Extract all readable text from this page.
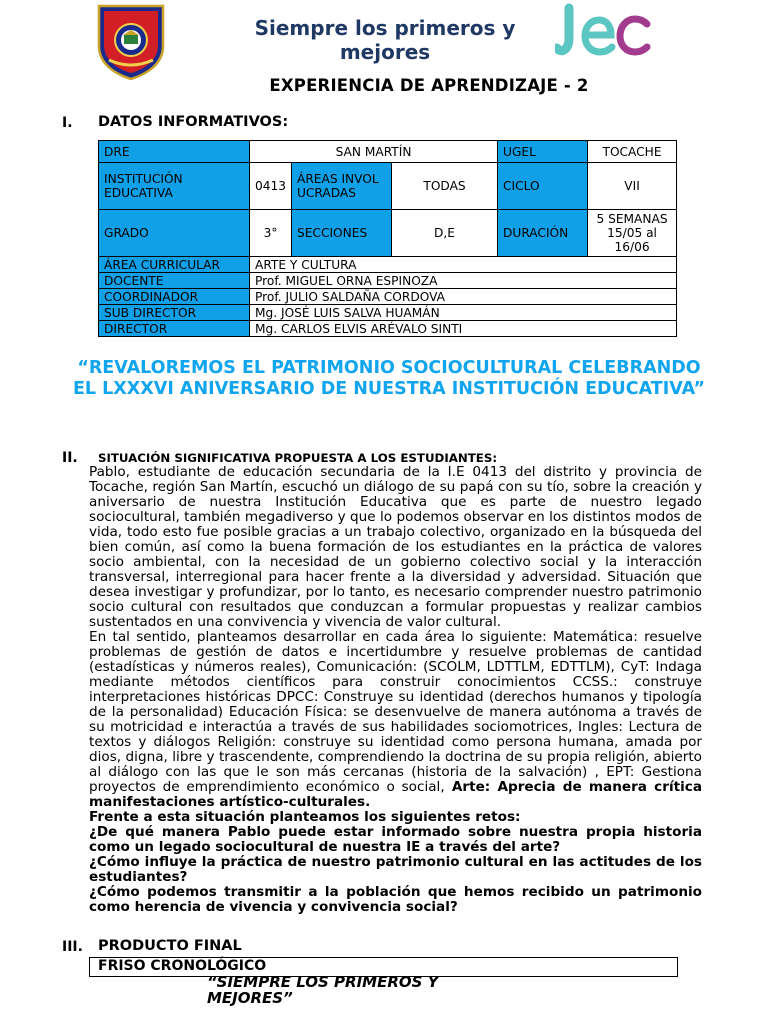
Siempre los primeros y mejores
EXPERIENCIA DE APRENDIZAJE - 2
I. DATOS INFORMATIVOS:
DRE	SAN MARTÍN			UGEL	TOCACHE
INSTITUCIÓN EDUCATIVA	0413	ÁREAS INVOLUCRADAS	TODAS	CICLO	VII
GRADO	3°	SECCIONES	D,E	DURACIÓN	5 SEMANAS 15/05 al 16/06
ÁREA CURRICULAR	ARTE Y CULTURA				
DOCENTE	Prof. MIGUEL ORNA ESPINOZA				
COORDINADOR	Prof. JULIO SALDAÑA CORDOVA				
SUB DIRECTOR	Mg. JOSÉ LUIS SALVA HUAMÁN				
DIRECTOR	Mg. CARLOS ELVIS ARÉVALO SINTI				
“REVALOREMOS EL PATRIMONIO SOCIOCULTURAL CELEBRANDO EL LXXXVI ANIVERSARIO DE NUESTRA INSTITUCIÓN EDUCATIVA”
II. SITUACIÓN SIGNIFICATIVA PROPUESTA A LOS ESTUDIANTES:

Pablo, estudiante de educación secundaria de la I.E 0413 del distrito y provincia de Tocache, región San Martín, escuchó un diálogo de su papá con su tío, sobre la creación y aniversario de nuestra Institución Educativa que es parte de nuestro legado sociocultural, también megadiverso y que lo podemos observar en los distintos modos de vida, todo esto fue posible gracias a un trabajo colectivo, organizado en la búsqueda del bien común, así como la buena formación de los estudiantes en la práctica de valores socio ambiental, con la necesidad de un gobierno colectivo social y la interacción transversal, interregional para hacer frente a la diversidad y adversidad. Situación que desea investigar y profundizar, por lo tanto, es necesario comprender nuestro patrimonio socio cultural con resultados que conduzcan a formular propuestas y realizar cambios sustentados en una convivencia y vivencia de valor cultural.

En tal sentido, planteamos desarrollar en cada área lo siguiente: Matemática: resuelve problemas de gestión de datos e incertidumbre y resuelve problemas de cantidad (estadísticas y números reales), Comunicación: (SCOLM, LDTTLM, EDTTLM), CyT: Indaga mediante métodos científicos para construir conocimientos CCSS.: construye interpretaciones históricas DPCC: Construye su identidad (derechos humanos y tipología de la personalidad) Educación Física: se desenvuelve de manera autónoma a través de su motricidad e interactúa a través de sus habilidades sociomotrices, Ingles: Lectura de textos y diálogos Religión: construye su identidad como persona humana, amada por dios, digna, libre y trascendente, comprendiendo la doctrina de su propia religión, abierto al diálogo con las que le son más cercanas (historia de la salvación) , EPT: Gestiona proyectos de emprendimiento económico o social, Arte: Aprecia de manera crítica manifestaciones artístico-culturales.

Frente a esta situación planteamos los siguientes retos:

¿De qué manera Pablo puede estar informado sobre nuestra propia historia como un legado sociocultural de nuestra IE a través del arte?

¿Cómo influye la práctica de nuestro patrimonio cultural en las actitudes de los estudiantes?

¿Cómo podemos transmitir a la población que hemos recibido un patrimonio como herencia de vivencia y convivencia social?

III. PRODUCTO FINAL
FRISO CRONOLÓGICO
“SIEMPRE LOS PRIMEROS Y MEJORES”
